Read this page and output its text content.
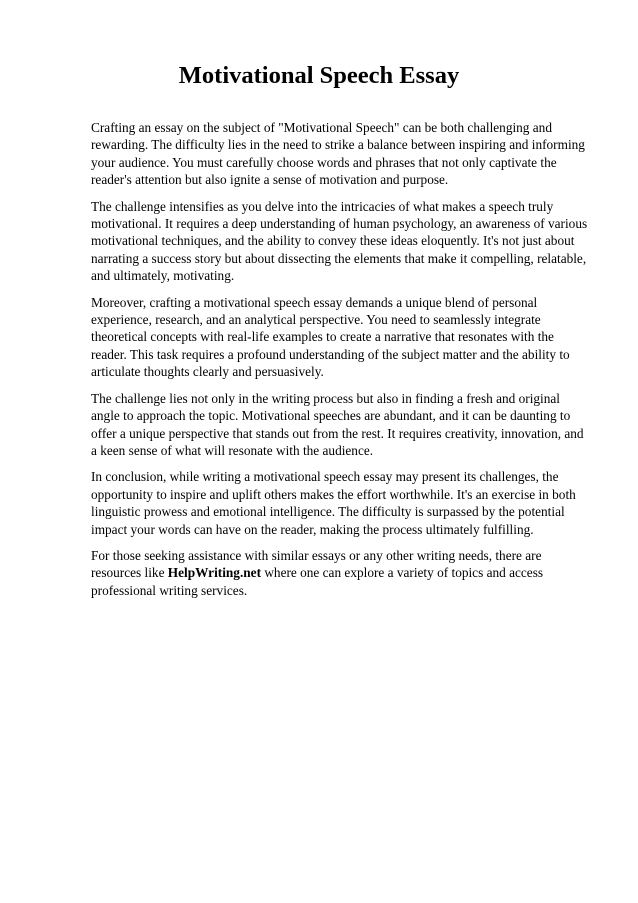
Motivational Speech Essay

Crafting an essay on the subject of "Motivational Speech" can be both challenging and rewarding. The difficulty lies in the need to strike a balance between inspiring and informing your audience. You must carefully choose words and phrases that not only captivate the reader's attention but also ignite a sense of motivation and purpose.

The challenge intensifies as you delve into the intricacies of what makes a speech truly motivational. It requires a deep understanding of human psychology, an awareness of various motivational techniques, and the ability to convey these ideas eloquently. It's not just about narrating a success story but about dissecting the elements that make it compelling, relatable, and ultimately, motivating.

Moreover, crafting a motivational speech essay demands a unique blend of personal experience, research, and an analytical perspective. You need to seamlessly integrate theoretical concepts with real-life examples to create a narrative that resonates with the reader. This task requires a profound understanding of the subject matter and the ability to articulate thoughts clearly and persuasively.

The challenge lies not only in the writing process but also in finding a fresh and original angle to approach the topic. Motivational speeches are abundant, and it can be daunting to offer a unique perspective that stands out from the rest. It requires creativity, innovation, and a keen sense of what will resonate with the audience.

In conclusion, while writing a motivational speech essay may present its challenges, the opportunity to inspire and uplift others makes the effort worthwhile. It's an exercise in both linguistic prowess and emotional intelligence. The difficulty is surpassed by the potential impact your words can have on the reader, making the process ultimately fulfilling.

For those seeking assistance with similar essays or any other writing needs, there are resources like HelpWriting.net where one can explore a variety of topics and access professional writing services.
